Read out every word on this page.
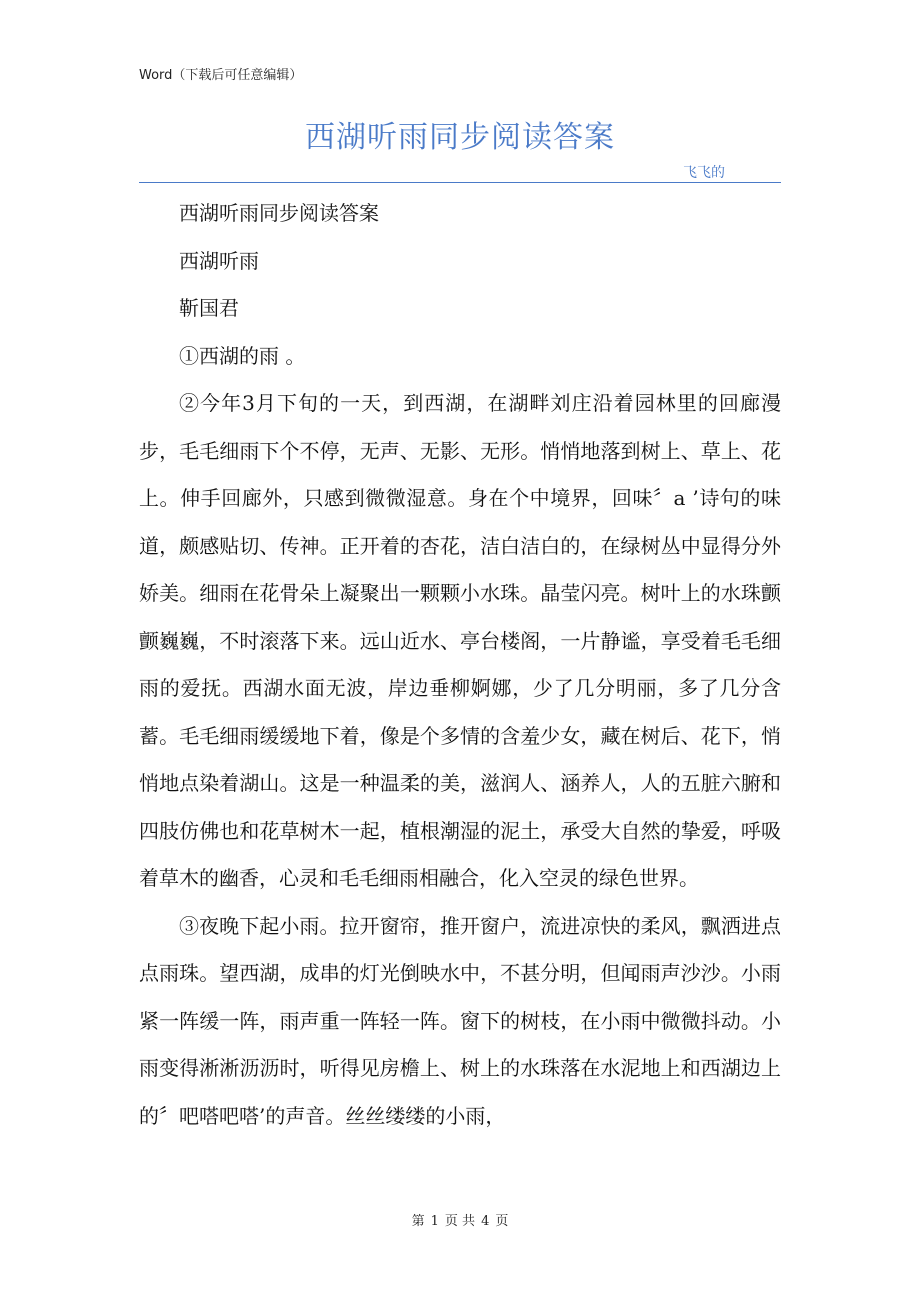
Word（下载后可任意编辑）
西湖听雨同步阅读答案
飞飞的

西湖听雨同步阅读答案

西湖听雨

靳国君

①西湖的雨 。

②今年3月下旬的一天，到西湖，在湖畔刘庄沿着园林里的回廊漫步，毛毛细雨下个不停，无声、无影、无形。悄悄地落到树上、草上、花上。伸手回廊外，只感到微微湿意。身在个中境界，回味〞a ’诗句的味道，颇感贴切、传神。正开着的杏花，洁白洁白的，在绿树丛中显得分外娇美。细雨在花骨朵上凝聚出一颗颗小水珠。晶莹闪亮。树叶上的水珠颤颤巍巍，不时滚落下来。远山近水、亭台楼阁，一片静谧，享受着毛毛细雨的爱抚。西湖水面无波，岸边垂柳婀娜，少了几分明丽，多了几分含蓄。毛毛细雨缓缓地下着，像是个多情的含羞少女，藏在树后、花下，悄悄地点染着湖山。这是一种温柔的美，滋润人、涵养人，人的五脏六腑和四肢仿佛也和花草树木一起，植根潮湿的泥土，承受大自然的挚爱，呼吸着草木的幽香，心灵和毛毛细雨相融合，化入空灵的绿色世界。

③夜晚下起小雨。拉开窗帘，推开窗户，流进凉快的柔风，飘洒进点点雨珠。望西湖，成串的灯光倒映水中，不甚分明，但闻雨声沙沙。小雨紧一阵缓一阵，雨声重一阵轻一阵。窗下的树枝，在小雨中微微抖动。小雨变得淅淅沥沥时，听得见房檐上、树上的水珠落在水泥地上和西湖边上的〞吧嗒吧嗒’的声音。丝丝缕缕的小雨，

第 1 页 共 4 页
